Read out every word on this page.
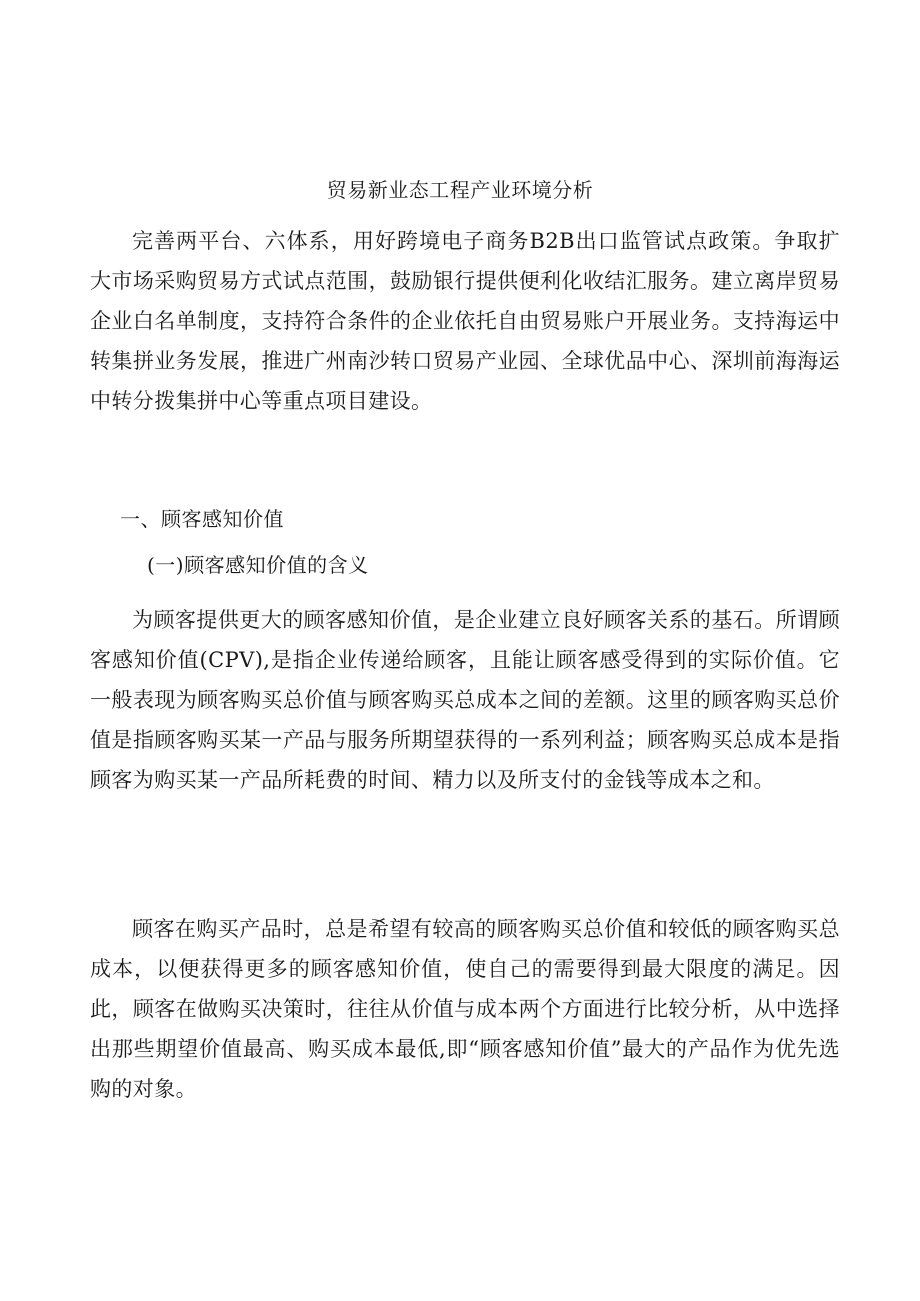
贸易新业态工程产业环境分析

完善两平台、六体系，用好跨境电子商务B2B出口监管试点政策。争取扩大市场采购贸易方式试点范围，鼓励银行提供便利化收结汇服务。建立离岸贸易企业白名单制度，支持符合条件的企业依托自由贸易账户开展业务。支持海运中转集拼业务发展，推进广州南沙转口贸易产业园、全球优品中心、深圳前海海运中转分拨集拼中心等重点项目建设。

一、顾客感知价值
(一)顾客感知价值的含义

为顾客提供更大的顾客感知价值，是企业建立良好顾客关系的基石。所谓顾客感知价值(CPV),是指企业传递给顾客，且能让顾客感受得到的实际价值。它一般表现为顾客购买总价值与顾客购买总成本之间的差额。这里的顾客购买总价值是指顾客购买某一产品与服务所期望获得的一系列利益；顾客购买总成本是指顾客为购买某一产品所耗费的时间、精力以及所支付的金钱等成本之和。

顾客在购买产品时，总是希望有较高的顾客购买总价值和较低的顾客购买总成本，以便获得更多的顾客感知价值，使自己的需要得到最大限度的满足。因此，顾客在做购买决策时，往往从价值与成本两个方面进行比较分析，从中选择出那些期望价值最高、购买成本最低,即“顾客感知价值”最大的产品作为优先选购的对象。
